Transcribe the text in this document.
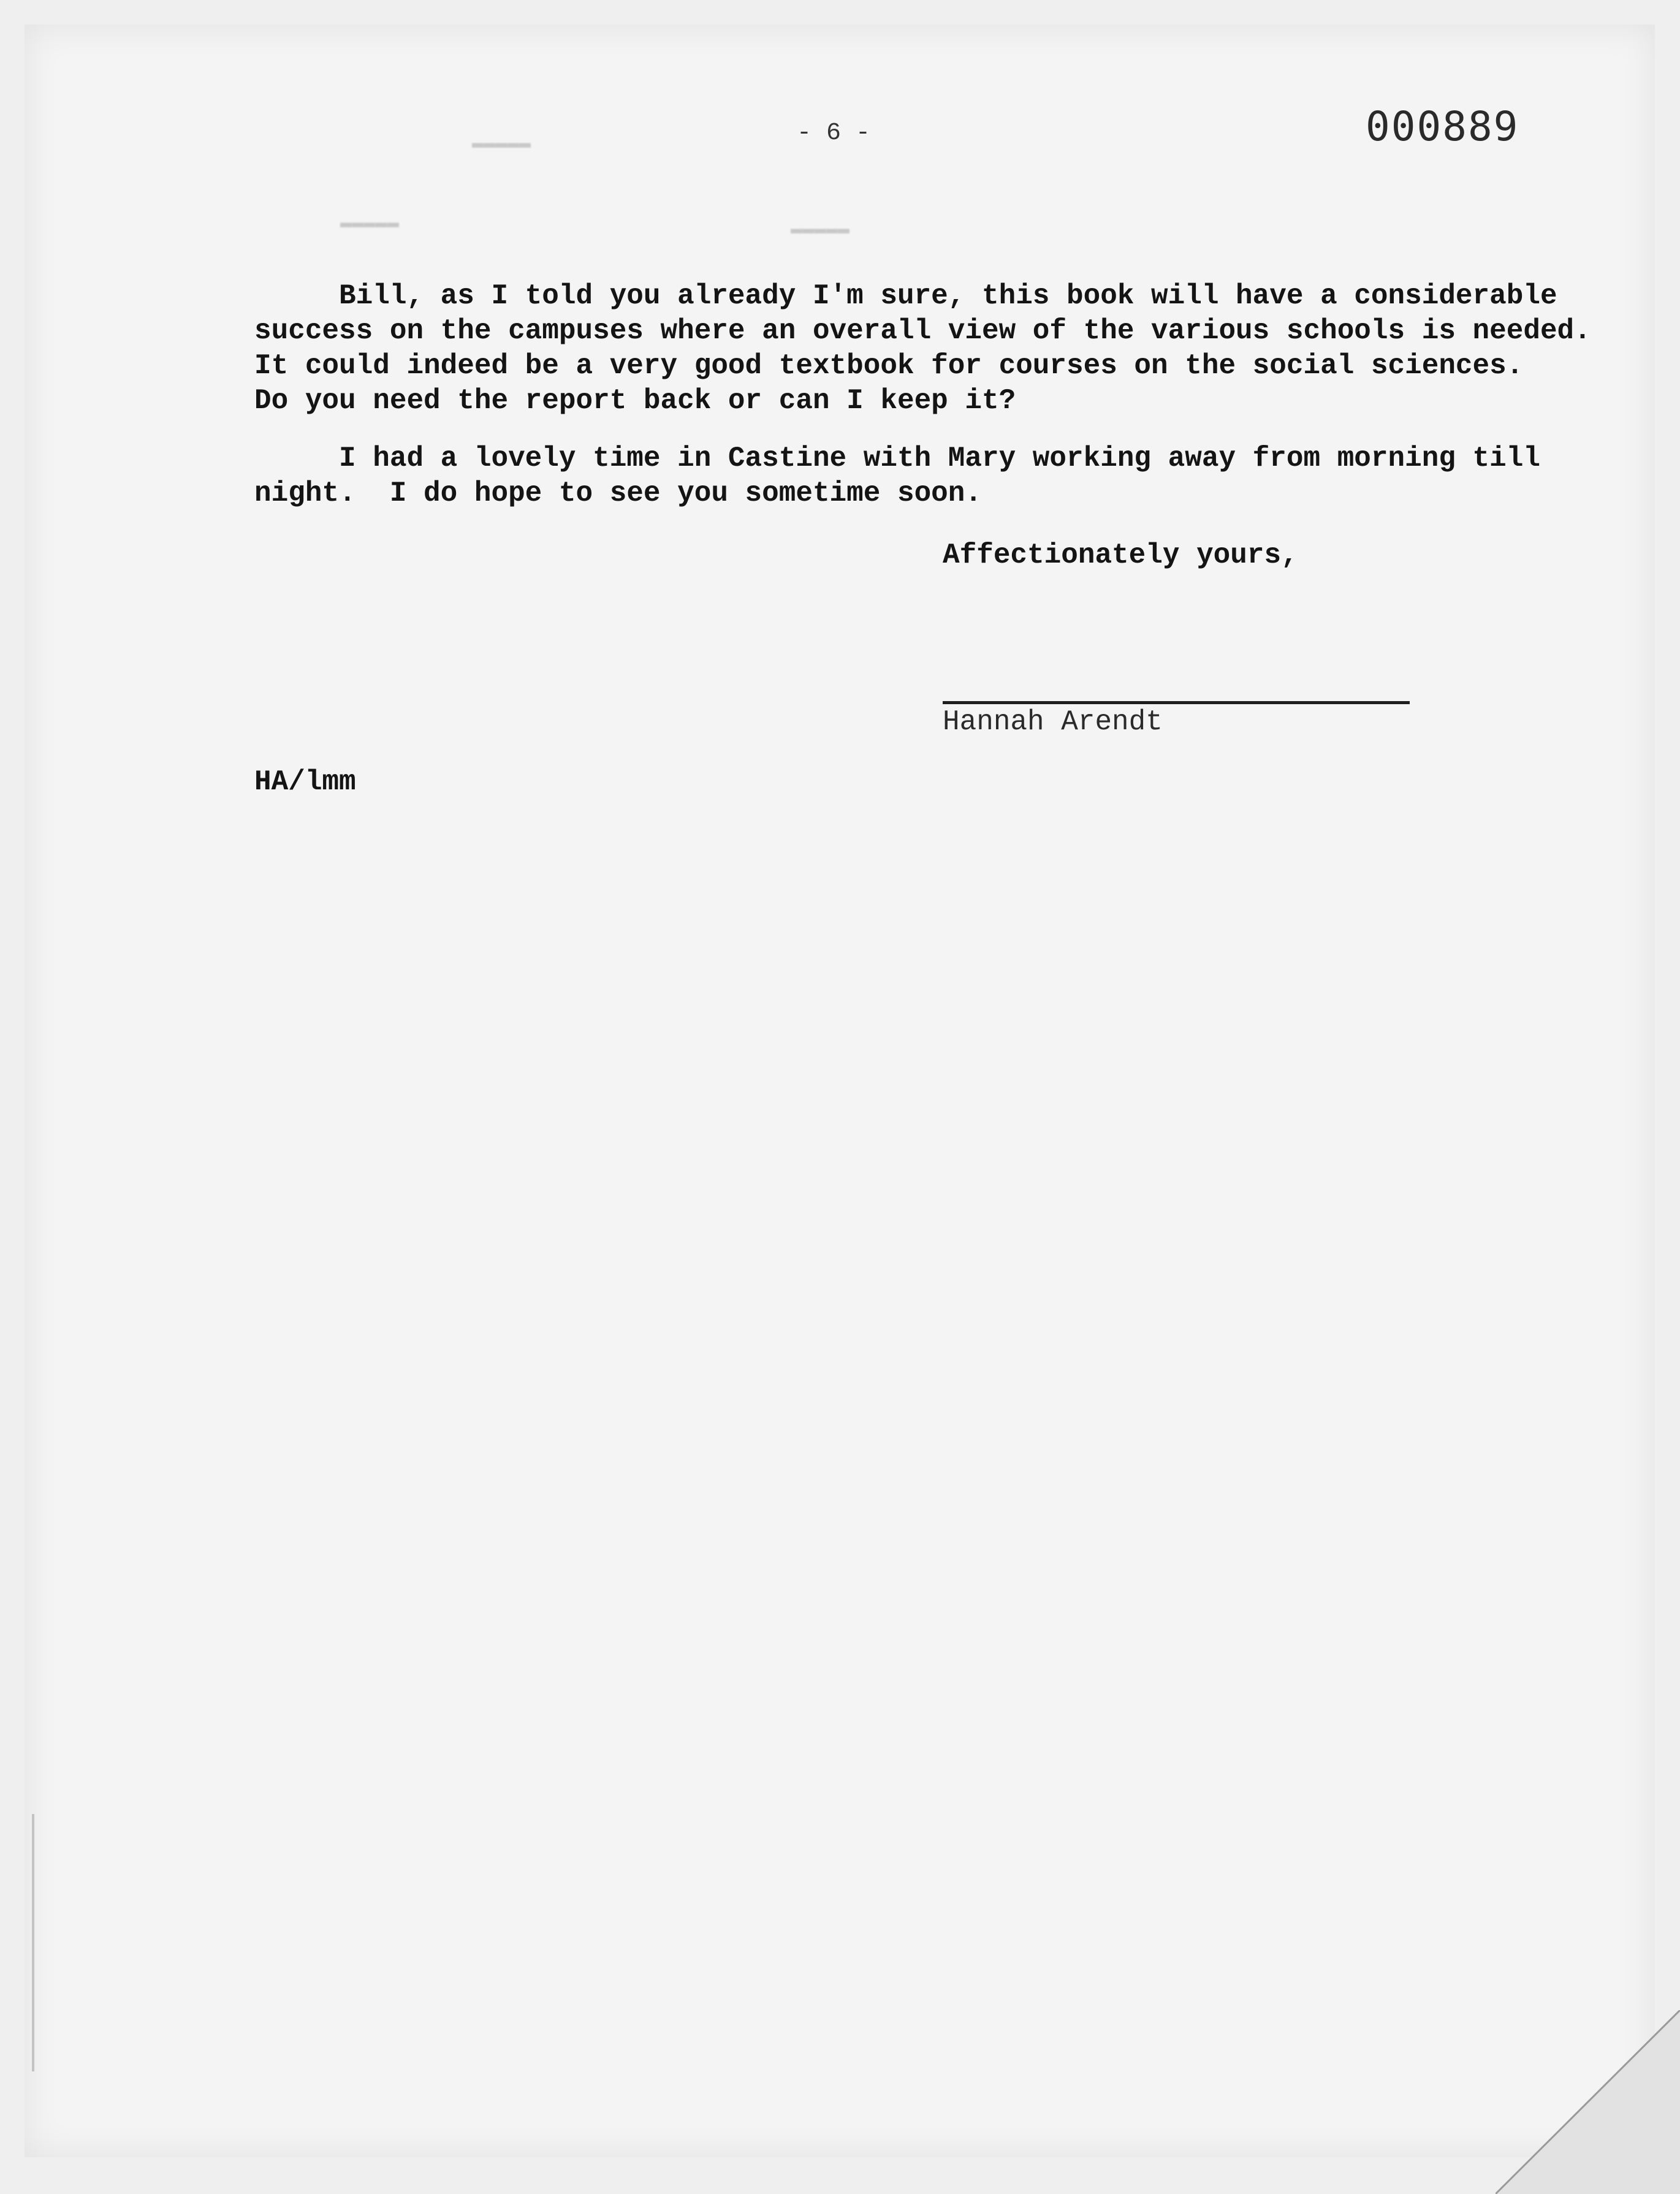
▬▬▬▬▬
▬▬▬▬▬	▬▬▬▬▬
- 6 -	000889
Bill, as I told you already I'm sure, this book will have a considerable
success on the campuses where an overall view of the various schools is needed.
It could indeed be a very good textbook for courses on the social sciences.
Do you need the report back or can I keep it?
I had a lovely time in Castine with Mary working away from morning till
night.  I do hope to see you sometime soon.
Affectionately yours,
Hannah Arendt
HA/lmm
